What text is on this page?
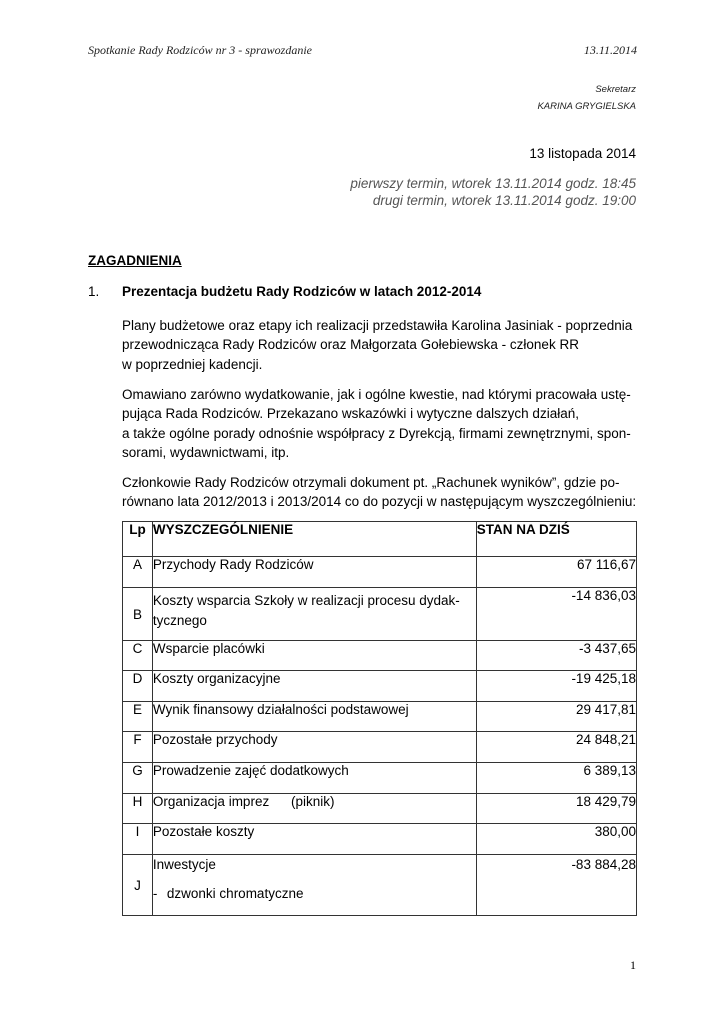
Spotkanie Rady Rodziców nr 3 - sprawozdanie	13.11.2014
Sekretarz
KARINA GRYGIELSKA
13 listopada 2014
pierwszy termin, wtorek 13.11.2014 godz. 18:45
drugi termin, wtorek 13.11.2014 godz. 19:00
ZAGADNIENIA
1. Prezentacja budżetu Rady Rodziców w latach 2012-2014
Plany budżetowe oraz etapy ich realizacji przedstawiła Karolina Jasiniak - poprzednia
przewodnicząca Rady Rodziców oraz Małgorzata Gołebiewska - członek RR
w poprzedniej kadencji.
Omawiano zarówno wydatkowanie, jak i ogólne kwestie, nad którymi pracowała ustę-
pująca Rada Rodziców. Przekazano wskazówki i wytyczne dalszych działań,
a także ogólne porady odnośnie współpracy z Dyrekcją, firmami zewnętrznymi, spon-
sorami, wydawnictwami, itp.
Członkowie Rady Rodziców otrzymali dokument pt. „Rachunek wyników”, gdzie po-
równano lata 2012/2013 i 2013/2014 co do pozycji w następującym wyszczególnieniu:
Lp	WYSZCZEGÓLNIENIE	STAN NA DZIŚ
A	Przychody Rady Rodziców	67 116,67
B	Koszty wsparcia Szkoły w realizacji procesu dydak-
tycznego	-14 836,03
C	Wsparcie placówki	-3 437,65
D	Koszty organizacyjne	-19 425,18
E	Wynik finansowy działalności podstawowej	29 417,81
F	Pozostałe przychody	24 848,21
G	Prowadzenie zajęć dodatkowych	6 389,13
H	Organizacja imprez (piknik)	18 429,79
I	Pozostałe koszty	380,00
J	Inwestycje
- dzwonki chromatyczne	-83 884,28
1
